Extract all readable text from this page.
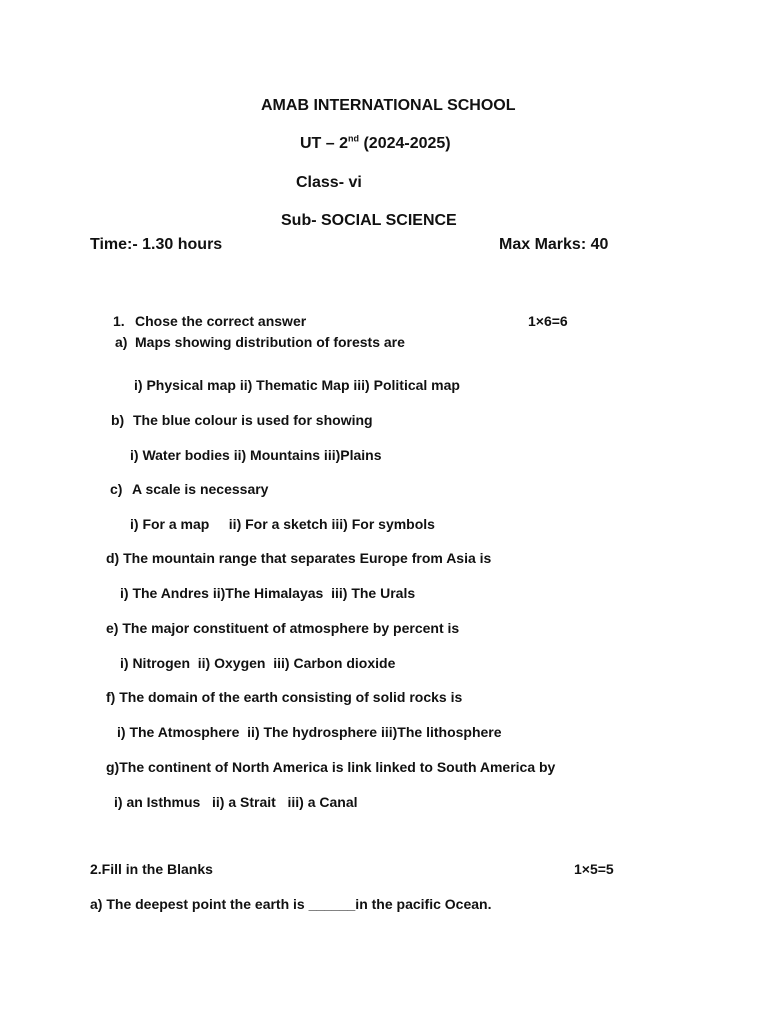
AMAB INTERNATIONAL SCHOOL
UT – 2nd (2024-2025)
Class- vi
Sub- SOCIAL SCIENCE
Time:- 1.30 hours	Max Marks: 40
1. Chose the correct answer	1×6=6
a) Maps showing distribution of forests are
i) Physical map ii) Thematic Map iii) Political map
b) The blue colour is used for showing
i) Water bodies ii) Mountains iii)Plains
c) A scale is necessary
i) For a map     ii) For a sketch iii) For symbols
d) The mountain range that separates Europe from Asia is
i) The Andres ii)The Himalayas  iii) The Urals
e) The major constituent of atmosphere by percent is
i) Nitrogen  ii) Oxygen  iii) Carbon dioxide
f) The domain of the earth consisting of solid rocks is
i) The Atmosphere  ii) The hydrosphere iii)The lithosphere
g)The continent of North America is link linked to South America by
i) an Isthmus   ii) a Strait   iii) a Canal
2.Fill in the Blanks	1×5=5
a) The deepest point the earth is ______in the pacific Ocean.
